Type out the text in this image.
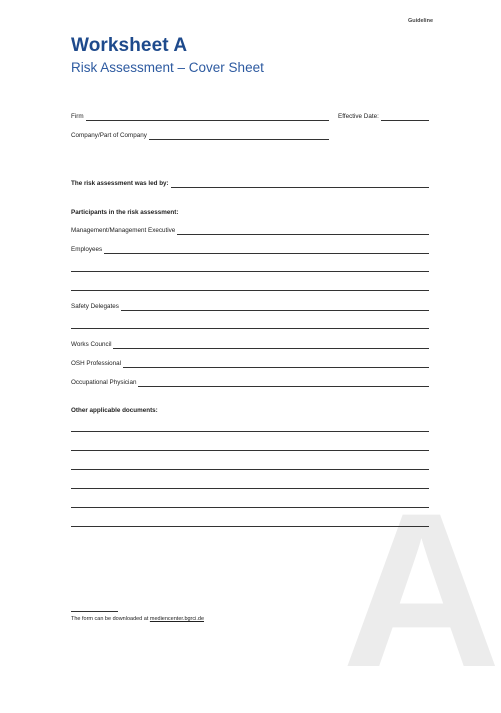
A
Guideline
Worksheet A
Risk Assessment – Cover Sheet
Firm	Effective Date:
Company/Part of Company
The risk assessment was led by:
Participants in the risk assessment:
Management/Management Executive
Employees
Safety Delegates
Works Council
OSH Professional
Occupational Physician
Other applicable documents:
The form can be downloaded at mediencenter.bgrci.de
